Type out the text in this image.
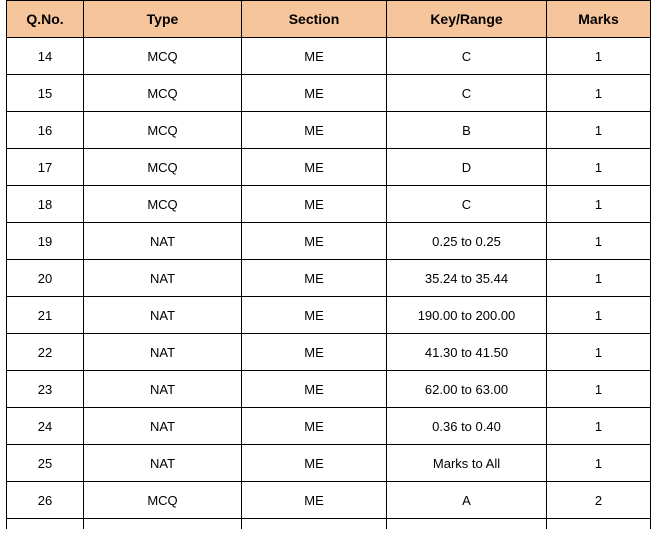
Q.No.	Type	Section	Key/Range	Marks
14	MCQ	ME	C	1
15	MCQ	ME	C	1
16	MCQ	ME	B	1
17	MCQ	ME	D	1
18	MCQ	ME	C	1
19	NAT	ME	0.25 to 0.25	1
20	NAT	ME	35.24 to 35.44	1
21	NAT	ME	190.00 to 200.00	1
22	NAT	ME	41.30 to 41.50	1
23	NAT	ME	62.00 to 63.00	1
24	NAT	ME	0.36 to 0.40	1
25	NAT	ME	Marks to All	1
26	MCQ	ME	A	2
